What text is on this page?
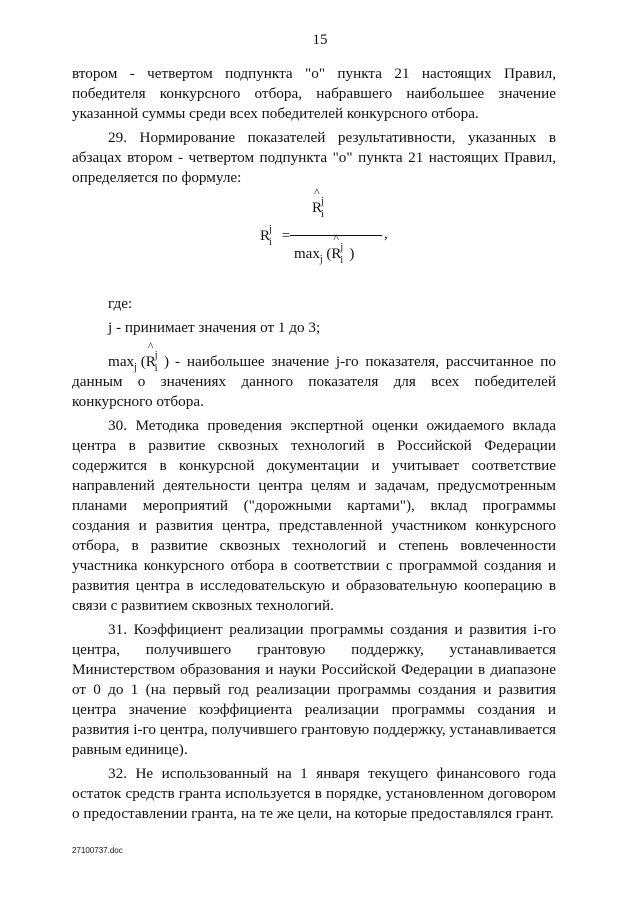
15

втором - четвертом подпункта "о" пункта 21 настоящих Правил, победителя конкурсного отбора, набравшего наибольшее значение указанной суммы среди всех победителей конкурсного отбора.

29. Нормирование показателей результативности, указанных в абзацах втором - четвертом подпункта "о" пункта 21 настоящих Правил, определяется по формуле:

R
j
i =
^
R
j
i
,
$\max_j$ (
^
R
j
i )

где:

j - принимает значения от 1 до 3;

$\max_j$ (
^
R
j
i )- наибольшее значение j-го показателя, рассчитанное по данным о значениях данного показателя для всех победителей конкурсного отбора.

30. Методика проведения экспертной оценки ожидаемого вклада центра в развитие сквозных технологий в Российской Федерации содержится в конкурсной документации и учитывает соответствие направлений деятельности центра целям и задачам, предусмотренным планами мероприятий ("дорожными картами"), вклад программы создания и развития центра, представленной участником конкурсного отбора, в развитие сквозных технологий и степень вовлеченности участника конкурсного отбора в соответствии с программой создания и развития центра в исследовательскую и образовательную кооперацию в связи с развитием сквозных технологий.

31. Коэффициент реализации программы создания и развития i-го центра, получившего грантовую поддержку, устанавливается Министерством образования и науки Российской Федерации в диапазоне от 0 до 1 (на первый год реализации программы создания и развития центра значение коэффициента реализации программы создания и развития i-го центра, получившего грантовую поддержку, устанавливается равным единице).

32. Не использованный на 1 января текущего финансового года остаток средств гранта используется в порядке, установленном договором о предоставлении гранта, на те же цели, на которые предоставлялся грант.

27100737.doc
